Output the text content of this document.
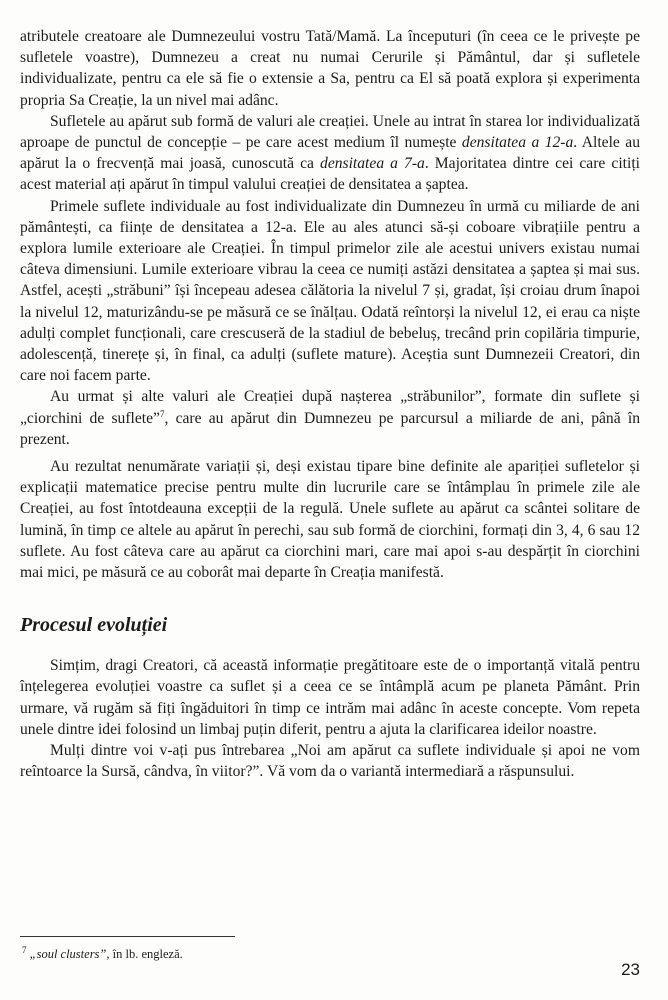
atributele creatoare ale Dumnezeului vostru Tată/Mamă. La începuturi (în ceea ce le privește pe sufletele voastre), Dumnezeu a creat nu numai Cerurile și Pământul, dar și sufletele individualizate, pentru ca ele să fie o extensie a Sa, pentru ca El să poată explora și experimenta propria Sa Creație, la un nivel mai adânc.

Sufletele au apărut sub formă de valuri ale creației. Unele au intrat în starea lor individualizată aproape de punctul de concepție – pe care acest medium îl numește densitatea a 12-a. Altele au apărut la o frecvență mai joasă, cunoscută ca densitatea a 7-a. Majoritatea dintre cei care citiți acest material ați apărut în timpul valului creației de densitatea a șaptea.

Primele suflete individuale au fost individualizate din Dumnezeu în urmă cu miliarde de ani pământești, ca ființe de densitatea a 12-a. Ele au ales atunci să-și coboare vibrațiile pentru a explora lumile exterioare ale Creației. În timpul primelor zile ale acestui univers existau numai câteva dimensiuni. Lumile exterioare vibrau la ceea ce numiți astăzi densitatea a șaptea și mai sus. Astfel, acești „străbuni” își începeau adesea călătoria la nivelul 7 și, gradat, își croiau drum înapoi la nivelul 12, maturizându-se pe măsură ce se înălțau. Odată reîntorși la nivelul 12, ei erau ca niște adulți complet funcționali, care crescuseră de la stadiul de bebeluș, trecând prin copilăria timpurie, adolescență, tinerețe și, în final, ca adulți (suflete mature). Aceștia sunt Dumnezeii Creatori, din care noi facem parte.

Au urmat și alte valuri ale Creației după nașterea „străbunilor”, formate din suflete și „ciorchini de suflete”$^7$, care au apărut din Dumnezeu pe parcursul a miliarde de ani, până în prezent.

Au rezultat nenumărate variații și, deși existau tipare bine definite ale apariției sufletelor și explicații matematice precise pentru multe din lucrurile care se întâmplau în primele zile ale Creației, au fost întotdeauna excepții de la regulă. Unele suflete au apărut ca scântei solitare de lumină, în timp ce altele au apărut în perechi, sau sub formă de ciorchini, formați din 3, 4, 6 sau 12 suflete. Au fost câteva care au apărut ca ciorchini mari, care mai apoi s-au despărțit în ciorchini mai mici, pe măsură ce au coborât mai departe în Creația manifestă.

Procesul evoluției

Simțim, dragi Creatori, că această informație pregătitoare este de o importanță vitală pentru înțelegerea evoluției voastre ca suflet și a ceea ce se întâmplă acum pe planeta Pământ. Prin urmare, vă rugăm să fiți îngăduitori în timp ce intrăm mai adânc în aceste concepte. Vom repeta unele dintre idei folosind un limbaj puțin diferit, pentru a ajuta la clarificarea ideilor noastre.

Mulți dintre voi v-ați pus întrebarea „Noi am apărut ca suflete individuale și apoi ne vom reîntoarce la Sursă, cândva, în viitor?”. Vă vom da o variantă intermediară a răspunsului.

$^7$ „soul clusters”, în lb. engleză.
23
